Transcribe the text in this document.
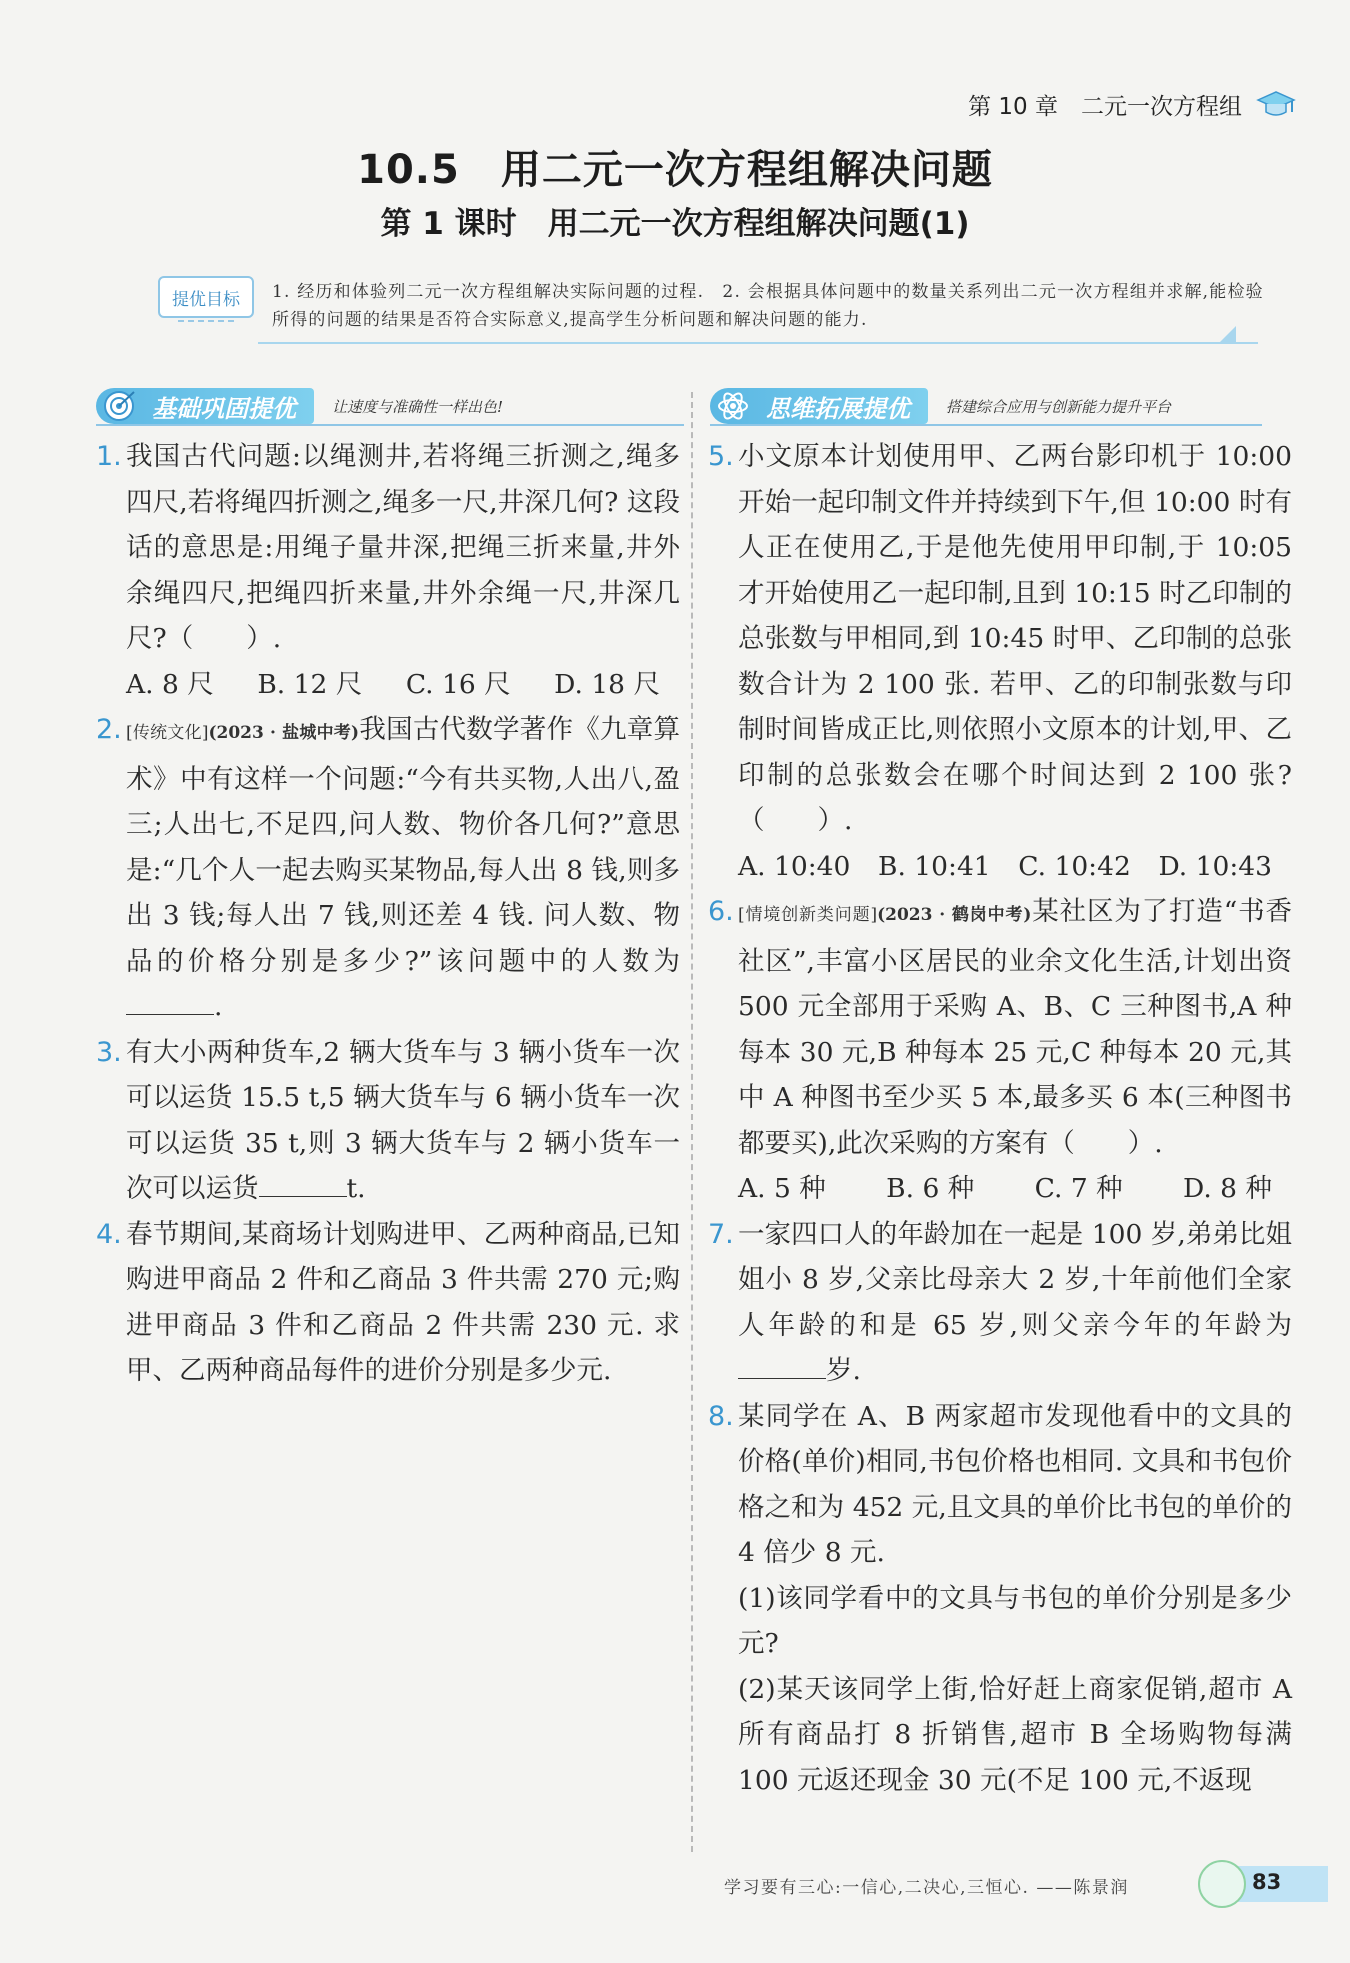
第 10 章　二元一次方程组
10.5　用二元一次方程组解决问题
第 1 课时　用二元一次方程组解决问题(1)
提优目标	1. 经历和体验列二元一次方程组解决实际问题的过程.　2. 会根据具体问题中的数量关系列出二元一次方程组并求解,能检验所得的问题的结果是否符合实际意义,提高学生分析问题和解决问题的能力.
基础巩固提优 让速度与准确性一样出色!	思维拓展提优 搭建综合应用与创新能力提升平台
1. 我国古代问题:以绳测井,若将绳三折测之,绳多四尺,若将绳四折测之,绳多一尺,井深几何? 这段话的意思是:用绳子量井深,把绳三折来量,井外余绳四尺,把绳四折来量,井外余绳一尺,井深几尺?（　　）.
A. 8 尺 B. 12 尺 C. 16 尺 D. 18 尺
2. [传统文化](2023 · 盐城中考)我国古代数学著作《九章算术》中有这样一个问题:“今有共买物,人出八,盈三;人出七,不足四,问人数、物价各几何?”意思是:“几个人一起去购买某物品,每人出 8 钱,则多出 3 钱;每人出 7 钱,则还差 4 钱. 问人数、物品的价格分别是多少?”该问题中的人数为.
3. 有大小两种货车,2 辆大货车与 3 辆小货车一次可以运货 15.5 t,5 辆大货车与 6 辆小货车一次可以运货 35 t,则 3 辆大货车与 2 辆小货车一次可以运货	t.
4. 春节期间,某商场计划购进甲、乙两种商品,已知购进甲商品 2 件和乙商品 3 件共需 270 元;购进甲商品 3 件和乙商品 2 件共需 230 元. 求甲、乙两种商品每件的进价分别是多少元.
5. 小文原本计划使用甲、乙两台影印机于 10:00 开始一起印制文件并持续到下午,但 10:00 时有人正在使用乙,于是他先使用甲印制,于 10:05 才开始使用乙一起印制,且到 10:15 时乙印制的总张数与甲相同,到 10:45 时甲、乙印制的总张数合计为 2 100 张. 若甲、乙的印制张数与印制时间皆成正比,则依照小文原本的计划,甲、乙印制的总张数会在哪个时间达到 2 100 张?（　　）.
A. 10:40 B. 10:41 C. 10:42 D. 10:43
6. [情境创新类问题](2023 · 鹤岗中考)某社区为了打造“书香社区”,丰富小区居民的业余文化生活,计划出资 500 元全部用于采购 A、B、C 三种图书,A 种每本 30 元,B 种每本 25 元,C 种每本 20 元,其中 A 种图书至少买 5 本,最多买 6 本(三种图书都要买),此次采购的方案有（　　）.
A. 5 种 B. 6 种 C. 7 种 D. 8 种
7. 一家四口人的年龄加在一起是 100 岁,弟弟比姐姐小 8 岁,父亲比母亲大 2 岁,十年前他们全家人年龄的和是 65 岁,则父亲今年的年龄为岁.
8. 某同学在 A、B 两家超市发现他看中的文具的价格(单价)相同,书包价格也相同. 文具和书包价格之和为 452 元,且文具的单价比书包的单价的 4 倍少 8 元.
(1)该同学看中的文具与书包的单价分别是多少元?
(2)某天该同学上街,恰好赶上商家促销,超市 A 所有商品打 8 折销售,超市 B 全场购物每满 100 元返还现金 30 元(不足 100 元,不返现
学习要有三心:一信心,二决心,三恒心. ——陈景润	83
